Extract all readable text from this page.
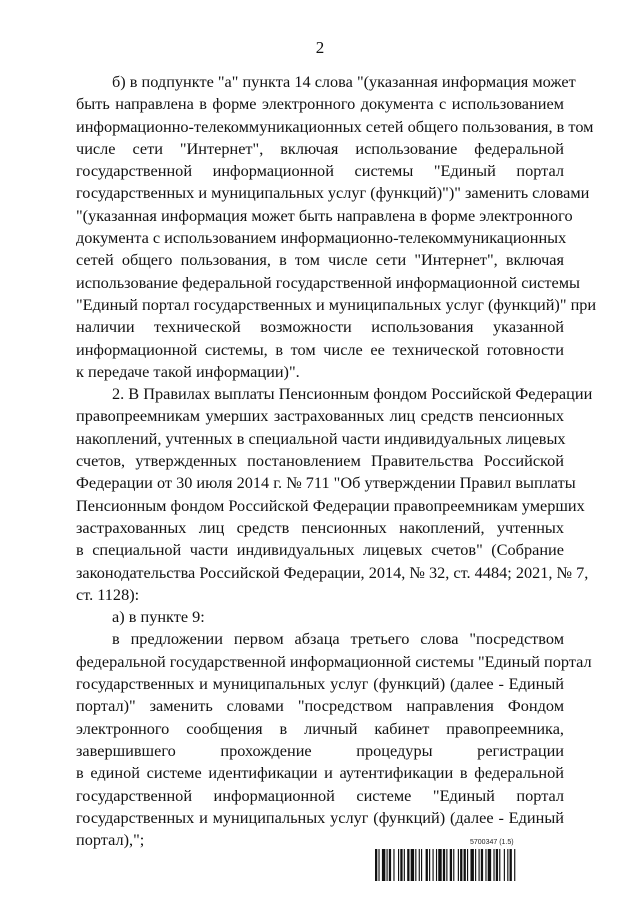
2
б) в подпункте "а" пункта 14 слова "(указанная информация может
быть направлена в форме электронного документа с использованием
информационно-телекоммуникационных сетей общего пользования, в том
числе сети "Интернет", включая использование федеральной
государственной информационной системы "Единый портал
государственных и муниципальных услуг (функций)")" заменить словами
"(указанная информация может быть направлена в форме электронного
документа с использованием информационно-телекоммуникационных
сетей общего пользования, в том числе сети "Интернет", включая
использование федеральной государственной информационной системы
"Единый портал государственных и муниципальных услуг (функций)" при
наличии технической возможности использования указанной
информационной системы, в том числе ее технической готовности
к передаче такой информации)".
2. В Правилах выплаты Пенсионным фондом Российской Федерации
правопреемникам умерших застрахованных лиц средств пенсионных
накоплений, учтенных в специальной части индивидуальных лицевых
счетов, утвержденных постановлением Правительства Российской
Федерации от 30 июля 2014 г. № 711 "Об утверждении Правил выплаты
Пенсионным фондом Российской Федерации правопреемникам умерших
застрахованных лиц средств пенсионных накоплений, учтенных
в специальной части индивидуальных лицевых счетов" (Собрание
законодательства Российской Федерации, 2014, № 32, ст. 4484; 2021, № 7,
ст. 1128):
а) в пункте 9:
в предложении первом абзаца третьего слова "посредством
федеральной государственной информационной системы "Единый портал
государственных и муниципальных услуг (функций) (далее - Единый
портал)" заменить словами "посредством направления Фондом
электронного сообщения в личный кабинет правопреемника,
завершившего прохождение процедуры регистрации
в единой системе идентификации и аутентификации в федеральной
государственной информационной системе "Единый портал
государственных и муниципальных услуг (функций) (далее - Единый
портал),";	5700347 (1.5)
